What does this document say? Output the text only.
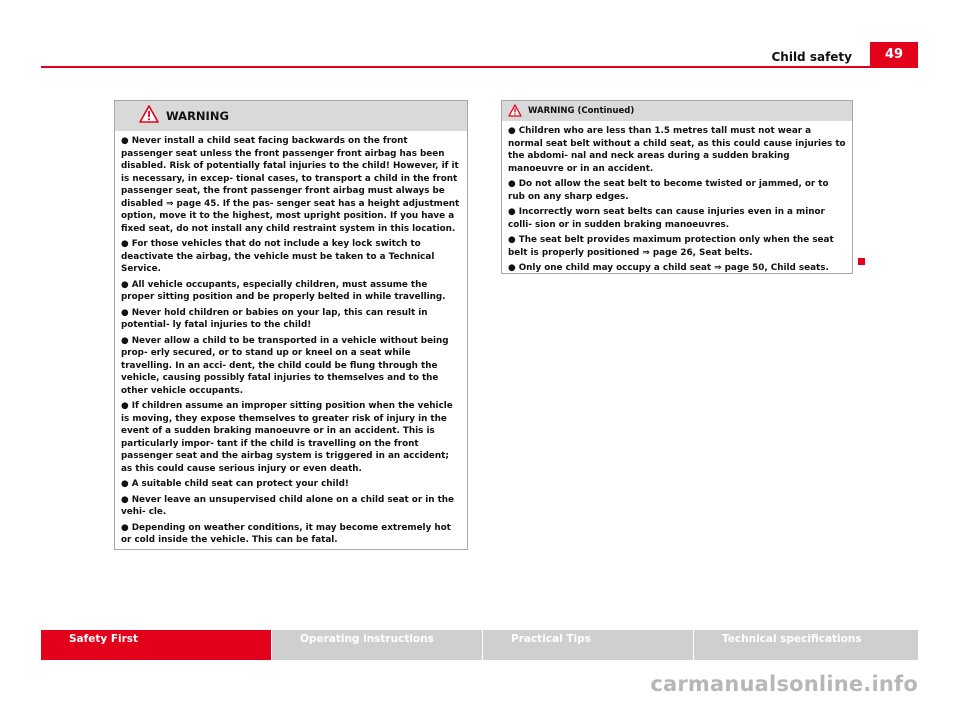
Child safety	49
WARNING

● Never install a child seat facing backwards on the front passenger seat unless the front passenger front airbag has been disabled. Risk of potentially fatal injuries to the child! However, if it is necessary, in excep- tional cases, to transport a child in the front passenger seat, the front passenger front airbag must always be disabled ⇒ page 45. If the pas- senger seat has a height adjustment option, move it to the highest, most upright position. If you have a fixed seat, do not install any child restraint system in this location.

● For those vehicles that do not include a key lock switch to deactivate the airbag, the vehicle must be taken to a Technical Service.

● All vehicle occupants, especially children, must assume the proper sitting position and be properly belted in while travelling.

● Never hold children or babies on your lap, this can result in potential- ly fatal injuries to the child!

● Never allow a child to be transported in a vehicle without being prop- erly secured, or to stand up or kneel on a seat while travelling. In an acci- dent, the child could be flung through the vehicle, causing possibly fatal injuries to themselves and to the other vehicle occupants.

● If children assume an improper sitting position when the vehicle is moving, they expose themselves to greater risk of injury in the event of a sudden braking manoeuvre or in an accident. This is particularly impor- tant if the child is travelling on the front passenger seat and the airbag system is triggered in an accident; as this could cause serious injury or even death.

● A suitable child seat can protect your child!

● Never leave an unsupervised child alone on a child seat or in the vehi- cle.

● Depending on weather conditions, it may become extremely hot or cold inside the vehicle. This can be fatal.

WARNING (Continued)

● Children who are less than 1.5 metres tall must not wear a normal seat belt without a child seat, as this could cause injuries to the abdomi- nal and neck areas during a sudden braking manoeuvre or in an accident.

● Do not allow the seat belt to become twisted or jammed, or to rub on any sharp edges.

● Incorrectly worn seat belts can cause injuries even in a minor colli- sion or in sudden braking manoeuvres.

● The seat belt provides maximum protection only when the seat belt is properly positioned ⇒ page 26, Seat belts.

● Only one child may occupy a child seat ⇒ page 50, Child seats.

Safety First	Operating instructions	Practical Tips	Technical specifications
carmanualsonline.info
